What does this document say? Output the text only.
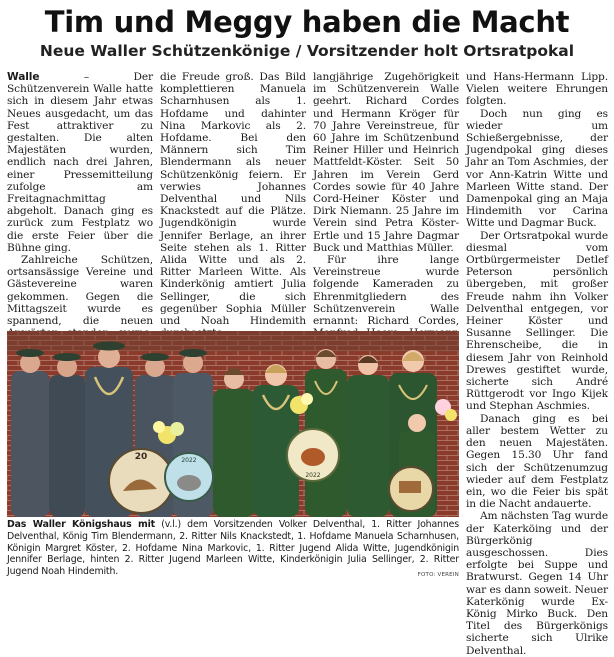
Tim und Meggy haben die Macht
Neue Waller Schützenkönige / Vorsitzender holt Ortsratpokal

Walle	– Der Schützenverein Walle hatte sich in diesem Jahr etwas Neues ausgedacht, um das Fest attraktiver zu gestalten. Die alten Majestäten wurden, endlich nach drei Jahren, einer Pressemitteilung zufolge am Freitagnachmittag abgeholt. Danach ging es zurück zum Festplatz wo die erste Feier über die Bühne ging.

Zahlreiche Schützen, ortsansässige Vereine und Gästevereine waren gekommen. Gegen die Mittagszeit wurde es spannend, die neuen

die Freude groß. Das Bild komplettieren Manuela Scharnhusen als 1. Hofdame und dahinter Nina Markovic als 2. Hofdame. Bei den Männern sich Tim Blendermann als neuer Schützenkönig feiern. Er verwies Johannes Delventhal und Nils Knackstedt auf die Plätze. Jugendkönigin wurde Jennifer Berlage, an ihrer Seite stehen als 1. Ritter Alida Witte und als 2. Ritter Marleen Witte. Als Kinderkönig amtiert Julia Sellinger, die sich gegenüber Sophia Müller und Noah Hindemith

langjährige Zugehörigkeit im Schützenverein Walle geehrt. Richard Cordes und Hermann Kröger für 70 Jahre Vereinstreue, für 60 Jahre im Schützenbund Reiner Hiller und Heinrich Mattfeldt-Köster. Seit 50 Jahren im Verein Gerd Cordes sowie für 40 Jahre Cord-Heiner Köster und Dirk Niemann. 25 Jahre im Verein sind Petra Köster-Ertle und 15 Jahre Dagmar Buck und Matthias Müller.

Für ihre lange Vereinstreue wurde folgende Kameraden zu Ehrenmitgliedern des Schützenverein Walle ernannt: Richard Cordes,

und Hans-Hermann Lipp. Vielen weitere Ehrungen folgten.

Doch nun ging es wieder um Schießergebnisse, der Jugendpokal ging dieses Jahr an Tom Aschmies, der vor Ann-Katrin Witte und Marleen Witte stand. Der Damenpokal ging an Maja Hindemith vor Carina Witte und Dagmar Buck.

Der Ortsratpokal wurde diesmal vom Ortbürgermeister Detlef Peterson persönlich übergeben, mit großer Freude nahm ihn Volker Delventhal entgegen, vor Heiner Köster und Susanne Sellinger. Die Ehrenscheibe, die in diesem Jahr von Reinhold Drewes gestiftet wurde, sicherte sich André Rüttgerodt vor Ingo Kijek und Stephan Aschmies.

Danach ging es bei aller bestem Wetter zu den neuen Majestäten. Gegen 15.30 Uhr fand sich der Schützenumzug wieder auf dem Festplatz ein, wo die Feier bis spät in die Nacht andauerte.

Am nächsten Tag wurde der Katerköing und der Bürgerkönig ausgeschossen. Dies erfolgte bei Suppe und Bratwurst. Gegen 14 Uhr war es dann soweit. Neuer Katerkönig wurde Ex-König Mirko Buck. Den Titel des Bürgerkönigs sicherte sich Ulrike Delventhal.

20	2022
2022
Das Waller Königshaus mit (v.l.) dem Vorsitzenden Volker Delventhal, 1. Ritter Johannes Delventhal, König Tim Blendermann, 2. Ritter Nils Knackstedt, 1. Hofdame Manuela Scharnhusen, Königin Margret Köster, 2. Hofdame Nina Markovic, 1. Ritter Jugend Alida Witte, Jugendkönigin Jennifer Berlage, hinten 2. Ritter Jugend Marleen Witte, Kinderkönigin Julia Sellinger, 2. Ritter Jugend Noah Hindemith.	FOTO: VEREIN
